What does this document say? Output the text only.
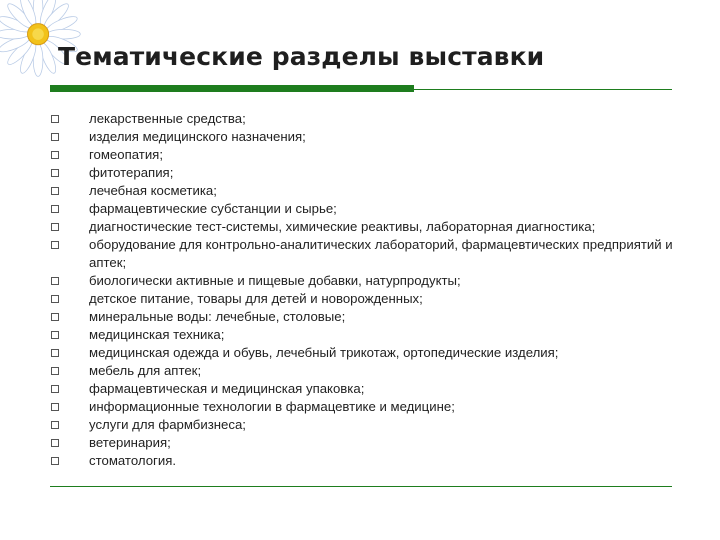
Тематические разделы выставки
лекарственные средства;
изделия медицинского назначения;
гомеопатия;
фитотерапия;
лечебная косметика;
фармацевтические субстанции и сырье;
диагностические тест-системы, химические реактивы, лабораторная диагностика;
оборудование для контрольно-аналитических лабораторий, фармацевтических предприятий и аптек;
биологически активные и пищевые добавки, натурпродукты;
детское питание, товары для детей и новорожденных;
минеральные воды: лечебные, столовые;
медицинская техника;
медицинская одежда и обувь, лечебный трикотаж, ортопедические изделия;
мебель для аптек;
фармацевтическая и медицинская упаковка;
информационные технологии в фармацевтике и медицине;
услуги для фармбизнеса;
ветеринария;
стоматология.
